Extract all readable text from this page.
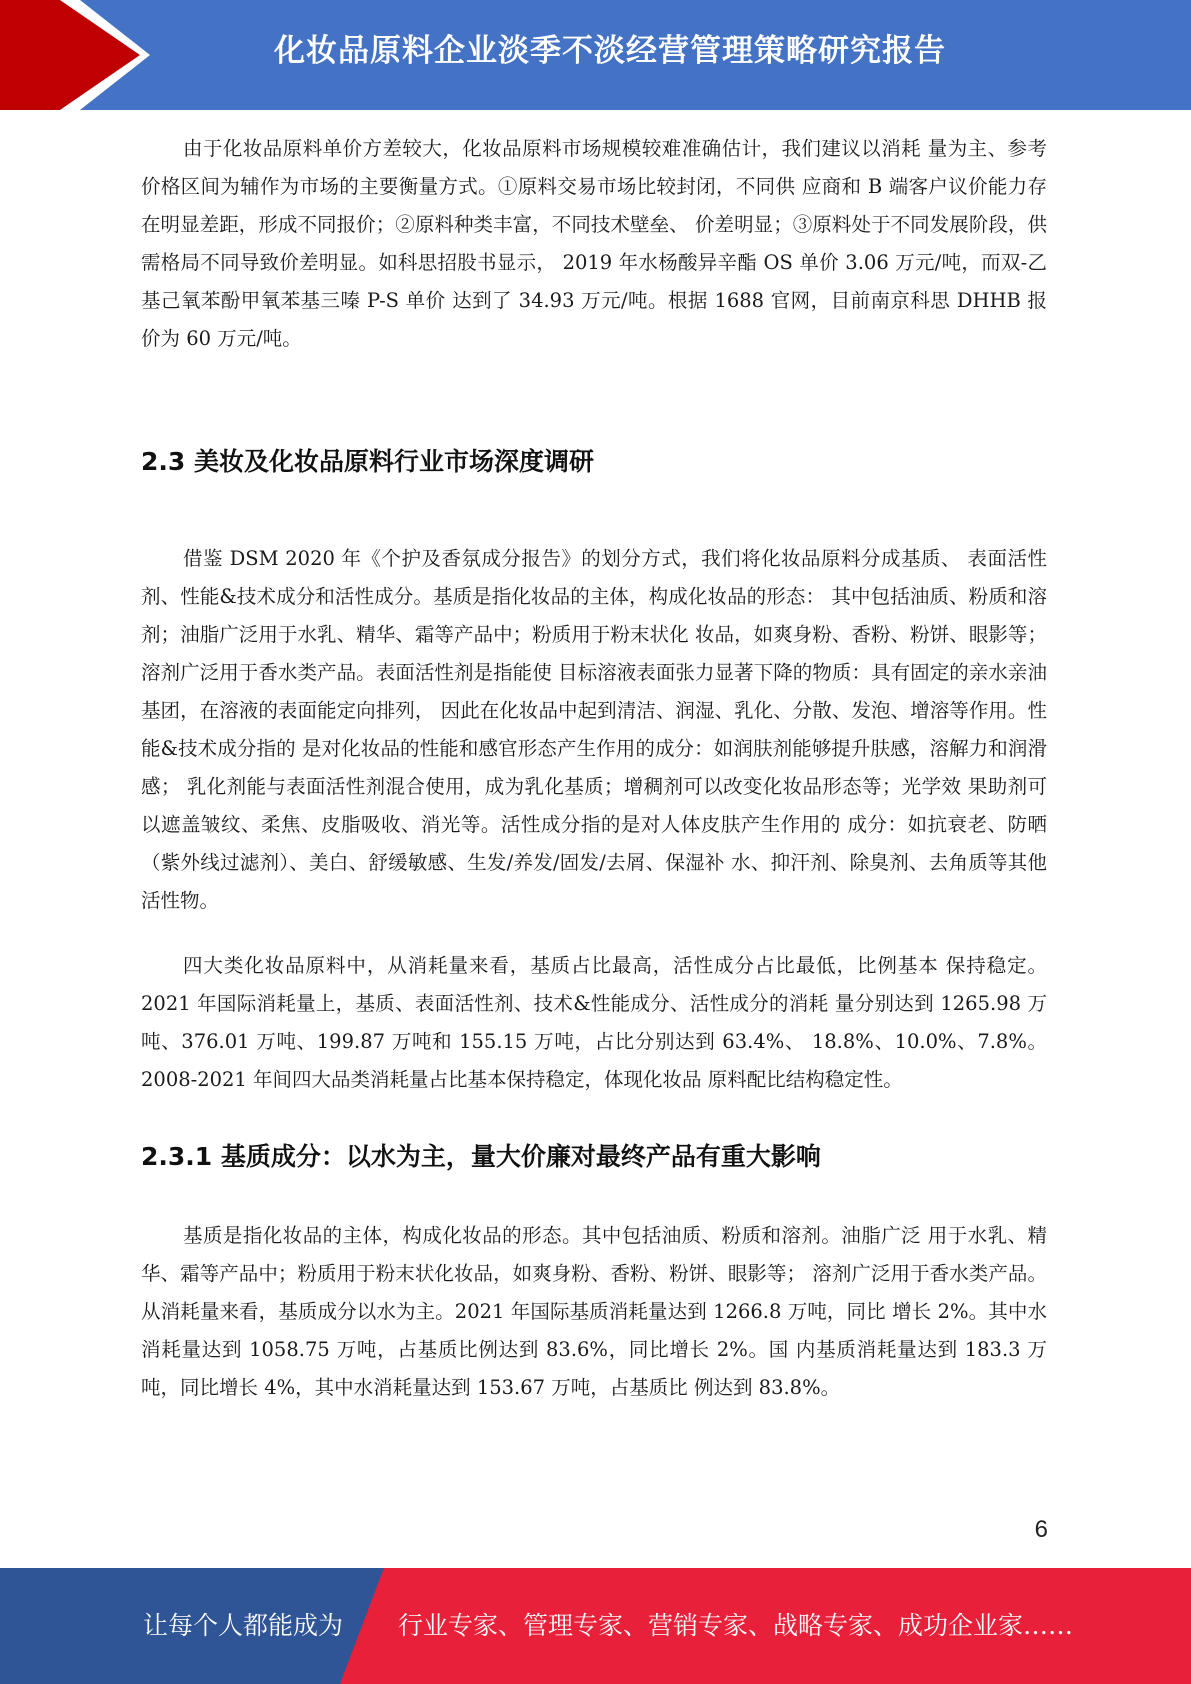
化妆品原料企业淡季不淡经营管理策略研究报告

由于化妆品原料单价方差较大，化妆品原料市场规模较难准确估计，我们建议以消耗 量为主、参考价格区间为辅作为市场的主要衡量方式。①原料交易市场比较封闭，不同供 应商和 B 端客户议价能力存在明显差距，形成不同报价；②原料种类丰富，不同技术壁垒、 价差明显；③原料处于不同发展阶段，供需格局不同导致价差明显。如科思招股书显示， 2019 年水杨酸异辛酯 OS 单价 3.06 万元/吨，而双-乙基己氧苯酚甲氧苯基三嗪 P-S 单价 达到了 34.93 万元/吨。根据 1688 官网，目前南京科思 DHHB 报价为 60 万元/吨。

2.3 美妆及化妆品原料行业市场深度调研

借鉴 DSM 2020 年《个护及香氛成分报告》的划分方式，我们将化妆品原料分成基质、 表面活性剂、性能&技术成分和活性成分。基质是指化妆品的主体，构成化妆品的形态： 其中包括油质、粉质和溶剂；油脂广泛用于水乳、精华、霜等产品中；粉质用于粉末状化 妆品，如爽身粉、香粉、粉饼、眼影等；溶剂广泛用于香水类产品。表面活性剂是指能使 目标溶液表面张力显著下降的物质：具有固定的亲水亲油基团，在溶液的表面能定向排列， 因此在化妆品中起到清洁、润湿、乳化、分散、发泡、增溶等作用。性能&技术成分指的 是对化妆品的性能和感官形态产生作用的成分：如润肤剂能够提升肤感，溶解力和润滑感； 乳化剂能与表面活性剂混合使用，成为乳化基质；增稠剂可以改变化妆品形态等；光学效 果助剂可以遮盖皱纹、柔焦、皮脂吸收、消光等。活性成分指的是对人体皮肤产生作用的 成分：如抗衰老、防晒（紫外线过滤剂）、美白、舒缓敏感、生发/养发/固发/去屑、保湿补 水、抑汗剂、除臭剂、去角质等其他活性物。

四大类化妆品原料中，从消耗量来看，基质占比最高，活性成分占比最低，比例基本 保持稳定。2021 年国际消耗量上，基质、表面活性剂、技术&性能成分、活性成分的消耗 量分别达到 1265.98 万吨、376.01 万吨、199.87 万吨和 155.15 万吨，占比分别达到 63.4%、 18.8%、10.0%、7.8%。2008-2021 年间四大品类消耗量占比基本保持稳定，体现化妆品 原料配比结构稳定性。

2.3.1 基质成分：以水为主，量大价廉对最终产品有重大影响

基质是指化妆品的主体，构成化妆品的形态。其中包括油质、粉质和溶剂。油脂广泛 用于水乳、精华、霜等产品中；粉质用于粉末状化妆品，如爽身粉、香粉、粉饼、眼影等； 溶剂广泛用于香水类产品。 从消耗量来看，基质成分以水为主。2021 年国际基质消耗量达到 1266.8 万吨，同比 增长 2%。其中水消耗量达到 1058.75 万吨，占基质比例达到 83.6%，同比增长 2%。国 内基质消耗量达到 183.3 万吨，同比增长 4%，其中水消耗量达到 153.67 万吨，占基质比 例达到 83.8%。

6
让每个人都能成为 行业专家、管理专家、营销专家、战略专家、成功企业家……
